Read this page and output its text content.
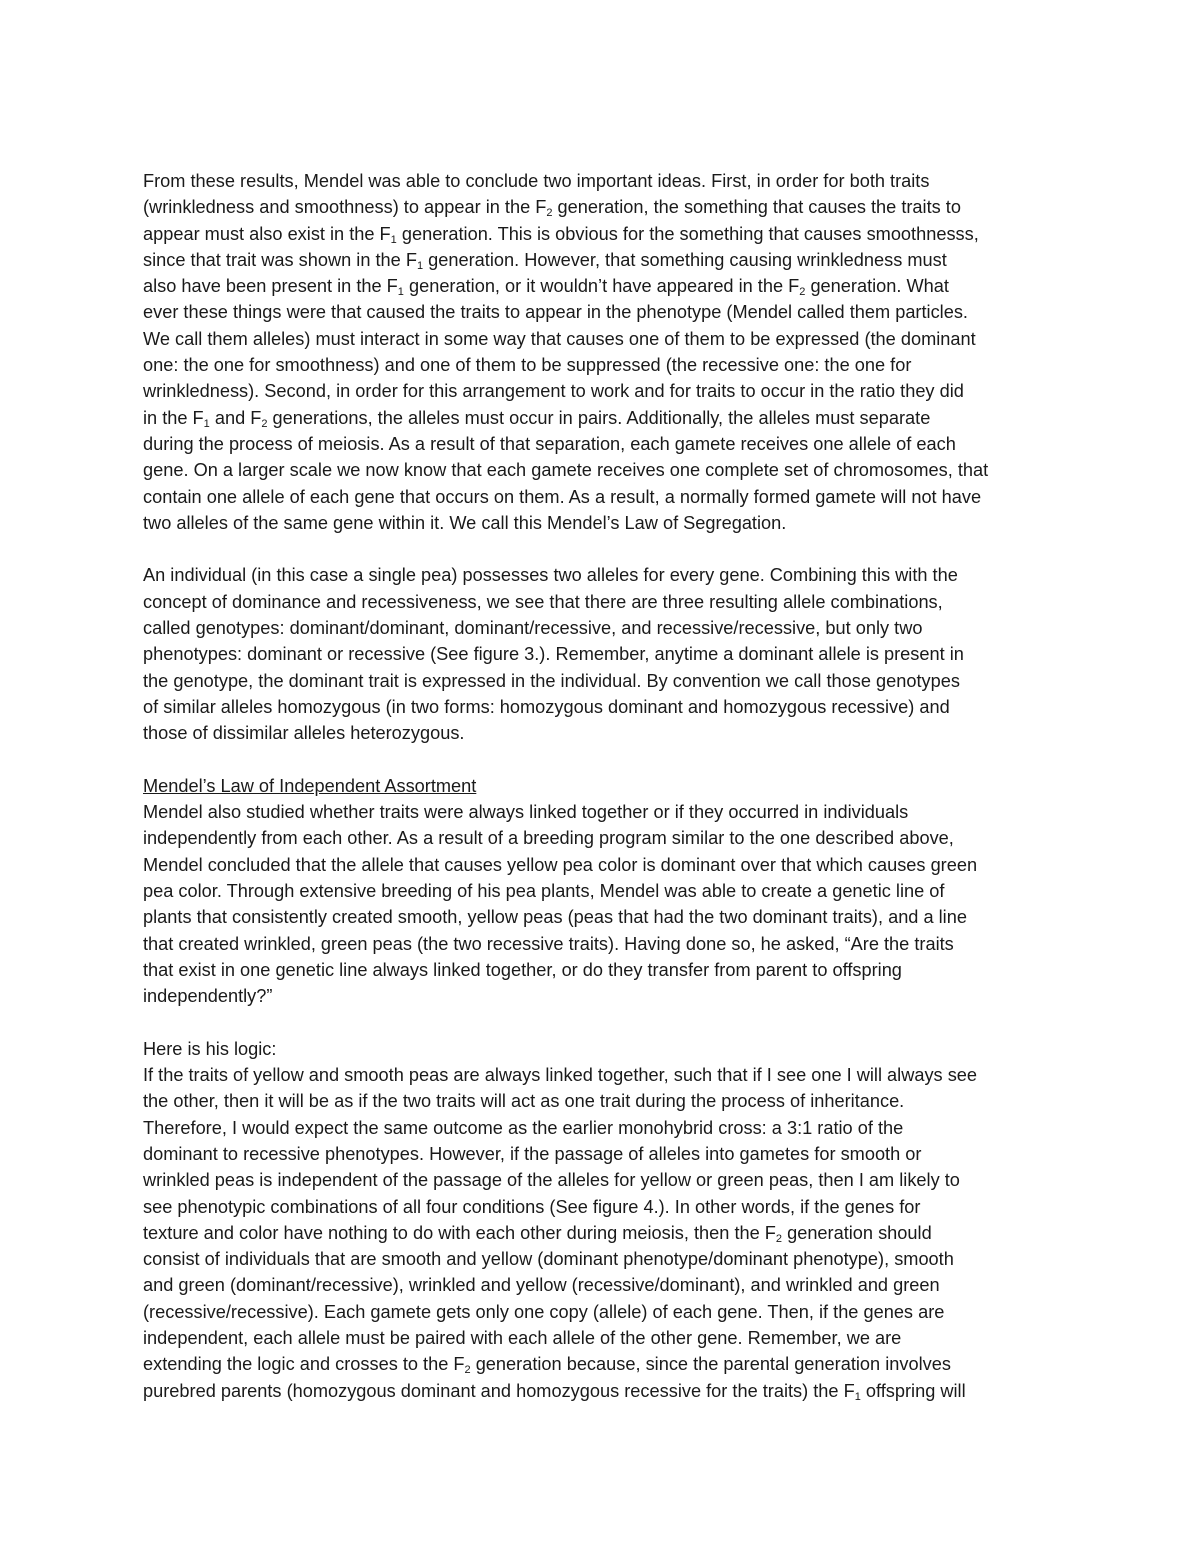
From these results, Mendel was able to conclude two important ideas. First, in order for both traits
(wrinkledness and smoothness) to appear in the $F_2$ generation, the something that causes the traits to
appear must also exist in the $F_1$ generation. This is obvious for the something that causes smoothnesss,
since that trait was shown in the $F_1$ generation. However, that something causing wrinkledness must
also have been present in the $F_1$ generation, or it wouldn’t have appeared in the $F_2$ generation. What
ever these things were that caused the traits to appear in the phenotype (Mendel called them particles.
We call them alleles) must interact in some way that causes one of them to be expressed (the dominant
one: the one for smoothness) and one of them to be suppressed (the recessive one: the one for
wrinkledness). Second, in order for this arrangement to work and for traits to occur in the ratio they did
in the $F_1$ and $F_2$ generations, the alleles must occur in pairs. Additionally, the alleles must separate
during the process of meiosis. As a result of that separation, each gamete receives one allele of each
gene. On a larger scale we now know that each gamete receives one complete set of chromosomes, that
contain one allele of each gene that occurs on them. As a result, a normally formed gamete will not have
two alleles of the same gene within it. We call this Mendel’s Law of Segregation.
An individual (in this case a single pea) possesses two alleles for every gene. Combining this with the
concept of dominance and recessiveness, we see that there are three resulting allele combinations,
called genotypes: dominant/dominant, dominant/recessive, and recessive/recessive, but only two
phenotypes: dominant or recessive (See figure 3.). Remember, anytime a dominant allele is present in
the genotype, the dominant trait is expressed in the individual. By convention we call those genotypes
of similar alleles homozygous (in two forms: homozygous dominant and homozygous recessive) and
those of dissimilar alleles heterozygous.
Mendel’s Law of Independent Assortment
Mendel also studied whether traits were always linked together or if they occurred in individuals
independently from each other. As a result of a breeding program similar to the one described above,
Mendel concluded that the allele that causes yellow pea color is dominant over that which causes green
pea color. Through extensive breeding of his pea plants, Mendel was able to create a genetic line of
plants that consistently created smooth, yellow peas (peas that had the two dominant traits), and a line
that created wrinkled, green peas (the two recessive traits). Having done so, he asked, “Are the traits
that exist in one genetic line always linked together, or do they transfer from parent to offspring
independently?”
Here is his logic:
If the traits of yellow and smooth peas are always linked together, such that if I see one I will always see
the other, then it will be as if the two traits will act as one trait during the process of inheritance.
Therefore, I would expect the same outcome as the earlier monohybrid cross: a 3:1 ratio of the
dominant to recessive phenotypes. However, if the passage of alleles into gametes for smooth or
wrinkled peas is independent of the passage of the alleles for yellow or green peas, then I am likely to
see phenotypic combinations of all four conditions (See figure 4.). In other words, if the genes for
texture and color have nothing to do with each other during meiosis, then the $F_2$ generation should
consist of individuals that are smooth and yellow (dominant phenotype/dominant phenotype), smooth
and green (dominant/recessive), wrinkled and yellow (recessive/dominant), and wrinkled and green
(recessive/recessive). Each gamete gets only one copy (allele) of each gene. Then, if the genes are
independent, each allele must be paired with each allele of the other gene. Remember, we are
extending the logic and crosses to the $F_2$ generation because, since the parental generation involves
purebred parents (homozygous dominant and homozygous recessive for the traits) the $F_1$ offspring will
